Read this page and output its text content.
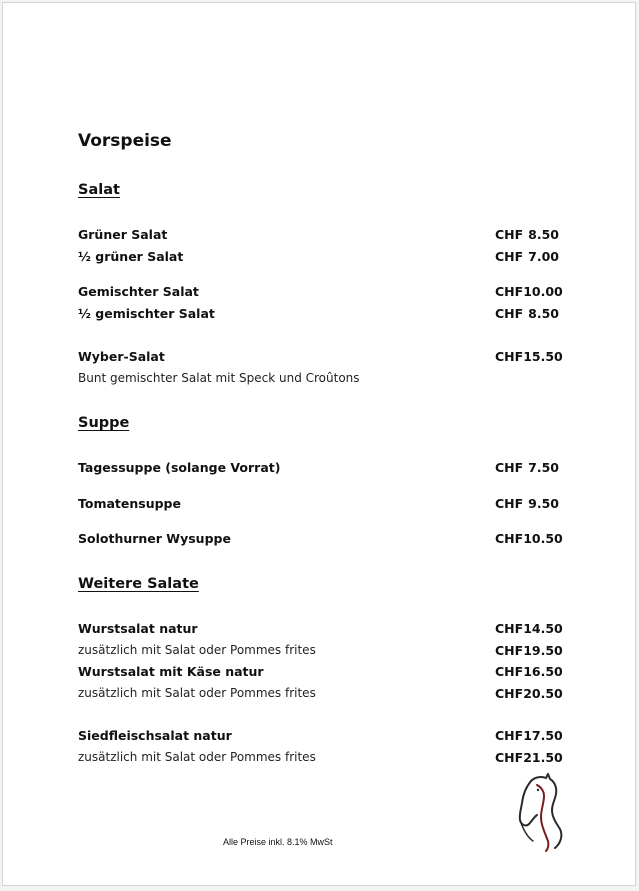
Vorspeise
Salat
Grüner Salat	CHF 8.50
½ grüner Salat	CHF 7.00
Gemischter Salat	CHF 10.00
½ gemischter Salat	CHF 8.50
Wyber-Salat	CHF 15.50
Bunt gemischter Salat mit Speck und Croûtons
Suppe
Tagessuppe (solange Vorrat)	CHF 7.50
Tomatensuppe	CHF 9.50
Solothurner Wysuppe	CHF 10.50
Weitere Salate
Wurstsalat natur	CHF 14.50
zusätzlich mit Salat oder Pommes frites	CHF 19.50
Wurstsalat mit Käse natur	CHF 16.50
zusätzlich mit Salat oder Pommes frites	CHF 20.50
Siedfleischsalat natur	CHF 17.50
zusätzlich mit Salat oder Pommes frites	CHF 21.50
Alle Preise inkl. 8.1% MwSt
